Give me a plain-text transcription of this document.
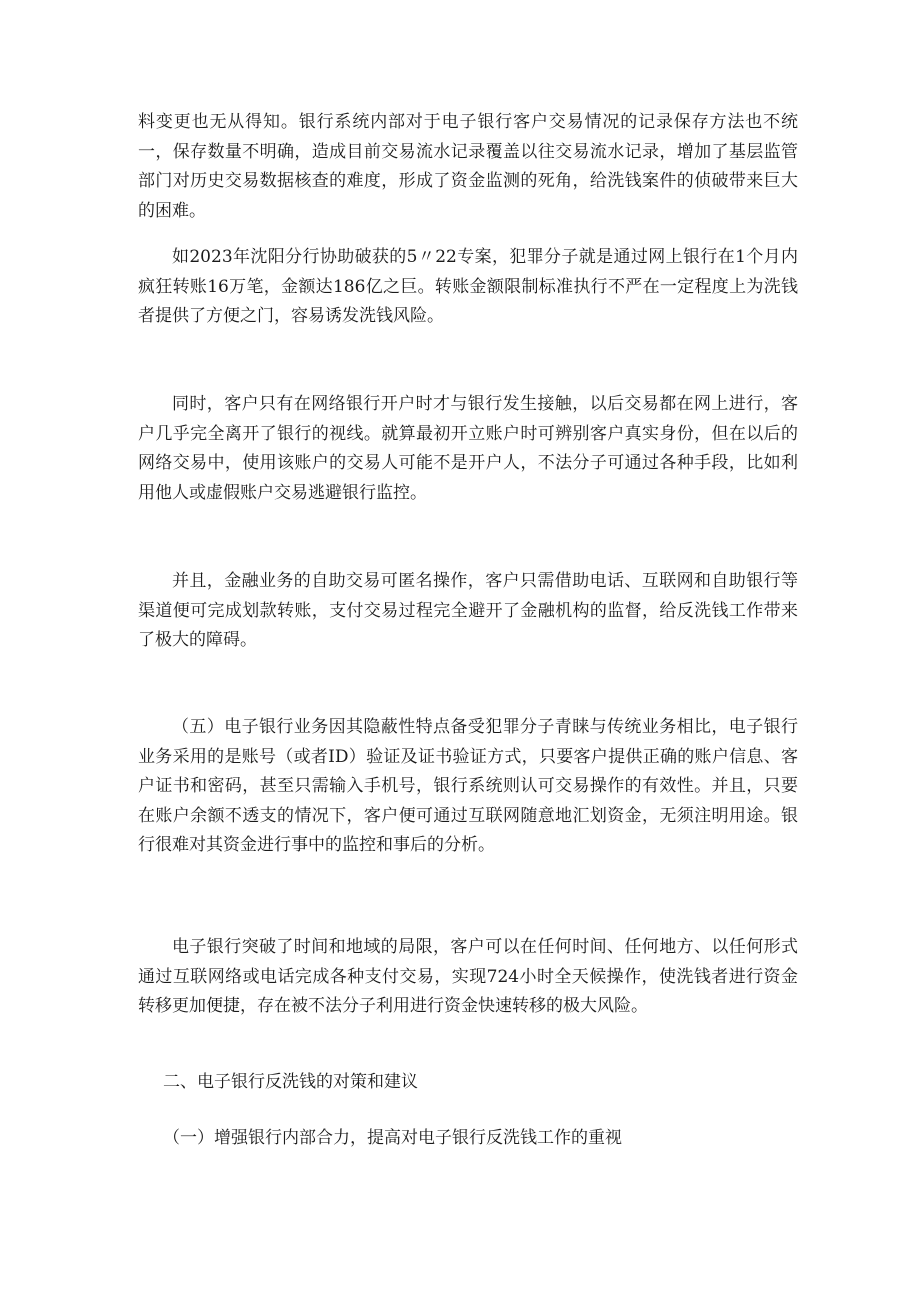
料变更也无从得知。银行系统内部对于电子银行客户交易情况的记录保存方法也不统一，保存数量不明确，造成目前交易流水记录覆盖以往交易流水记录，增加了基层监管部门对历史交易数据核查的难度，形成了资金监测的死角，给洗钱案件的侦破带来巨大的困难。

如2023年沈阳分行协助破获的5〃22专案，犯罪分子就是通过网上银行在1个月内疯狂转账16万笔，金额达186亿之巨。转账金额限制标准执行不严在一定程度上为洗钱者提供了方便之门，容易诱发洗钱风险。

同时，客户只有在网络银行开户时才与银行发生接触，以后交易都在网上进行，客户几乎完全离开了银行的视线。就算最初开立账户时可辨别客户真实身份，但在以后的网络交易中，使用该账户的交易人可能不是开户人，不法分子可通过各种手段，比如利用他人或虚假账户交易逃避银行监控。

并且，金融业务的自助交易可匿名操作，客户只需借助电话、互联网和自助银行等渠道便可完成划款转账，支付交易过程完全避开了金融机构的监督，给反洗钱工作带来了极大的障碍。

（五）电子银行业务因其隐蔽性特点备受犯罪分子青睐与传统业务相比，电子银行业务采用的是账号（或者ID）验证及证书验证方式，只要客户提供正确的账户信息、客户证书和密码，甚至只需输入手机号，银行系统则认可交易操作的有效性。并且，只要在账户余额不透支的情况下，客户便可通过互联网随意地汇划资金，无须注明用途。银行很难对其资金进行事中的监控和事后的分析。

电子银行突破了时间和地域的局限，客户可以在任何时间、任何地方、以任何形式通过互联网络或电话完成各种支付交易，实现724小时全天候操作，使洗钱者进行资金转移更加便捷，存在被不法分子利用进行资金快速转移的极大风险。

二、电子银行反洗钱的对策和建议

（一）增强银行内部合力，提高对电子银行反洗钱工作的重视
